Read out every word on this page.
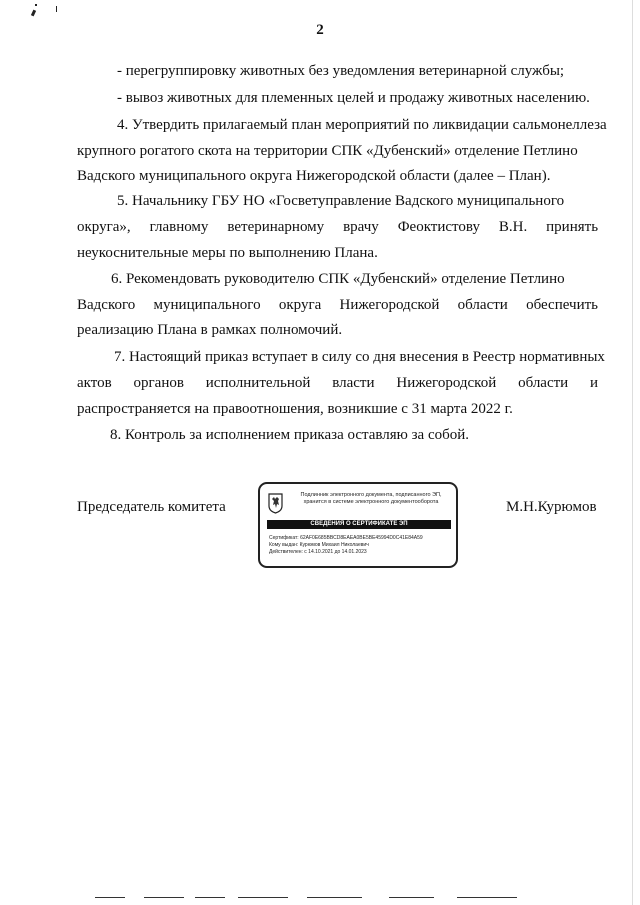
2
- перегруппировку животных без уведомления ветеринарной службы;
- вывоз животных для племенных целей и продажу животных населению.
4. Утвердить прилагаемый план мероприятий по ликвидации сальмонеллеза
крупного рогатого скота на территории СПК «Дубенский» отделение Петлино
Вадского муниципального округа Нижегородской области (далее – План).
5. Начальнику ГБУ НО «Госветуправление Вадского муниципального
округа», главному ветеринарному врачу Феоктистову В.Н. принять
неукоснительные меры по выполнению Плана.
6. Рекомендовать руководителю СПК «Дубенский» отделение Петлино
Вадского муниципального округа Нижегородской области обеспечить
реализацию Плана в рамках полномочий.
7. Настоящий приказ вступает в силу со дня внесения в Реестр нормативных
актов органов исполнительной власти Нижегородской области и
распространяется на правоотношения, возникшие с 31 марта 2022 г.
8. Контроль за исполнением приказа оставляю за собой.
Председатель комитета	М.Н.Курюмов
Подлинник электронного документа, подписанного ЭП,
хранится в системе электронного документооборота
СВЕДЕНИЯ О СЕРТИФИКАТЕ ЭП
Сертификат: 62AF0E685BBCD8EAEA0BE5BE45994D0C41E84A59
Кому выдан: Курюмов Михаил Николаевич
Действителен: с 14.10.2021 до 14.01.2023
